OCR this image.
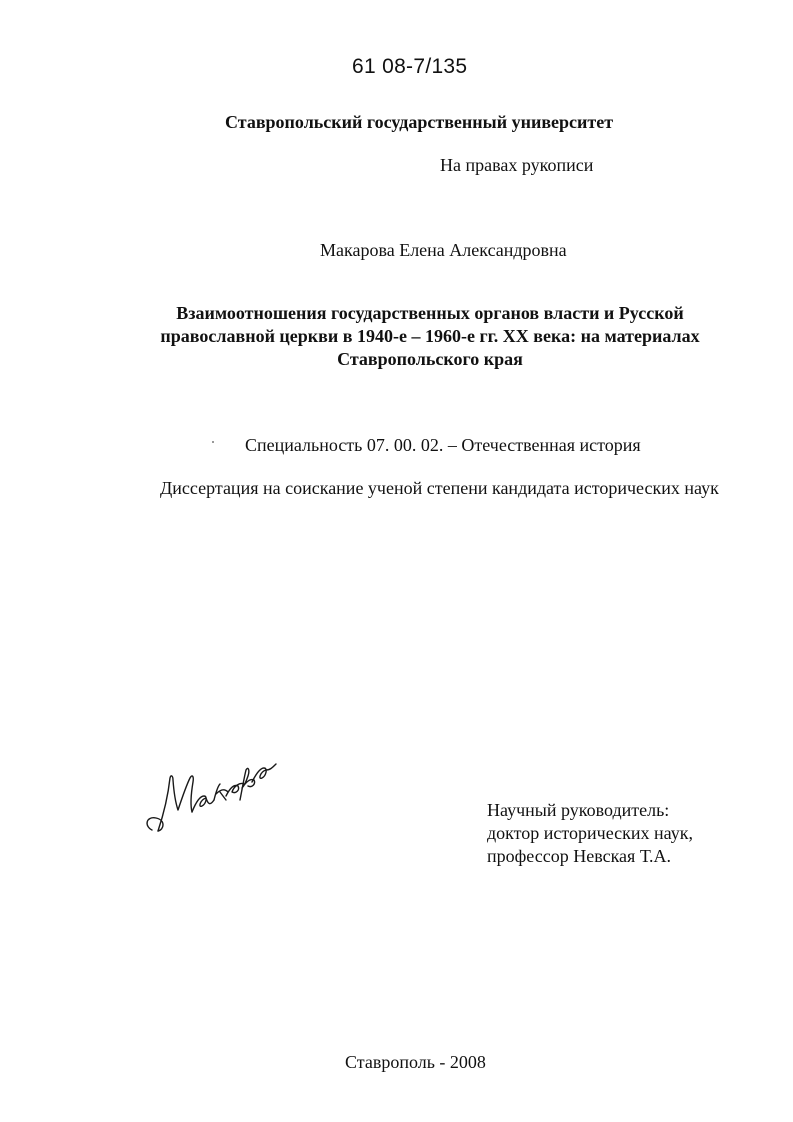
61 08-7/135
Ставропольский государственный университет
На правах рукописи
Макарова Елена Александровна
Взаимоотношения государственных органов власти и Русской
православной церкви в 1940-е – 1960-е гг. XX века: на материалах
Ставропольского края
Специальность 07. 00. 02. – Отечественная история
Диссертация на соискание ученой степени кандидата исторических наук
Научный руководитель:
доктор исторических наук,
профессор Невская Т.А.
Ставрополь - 2008
